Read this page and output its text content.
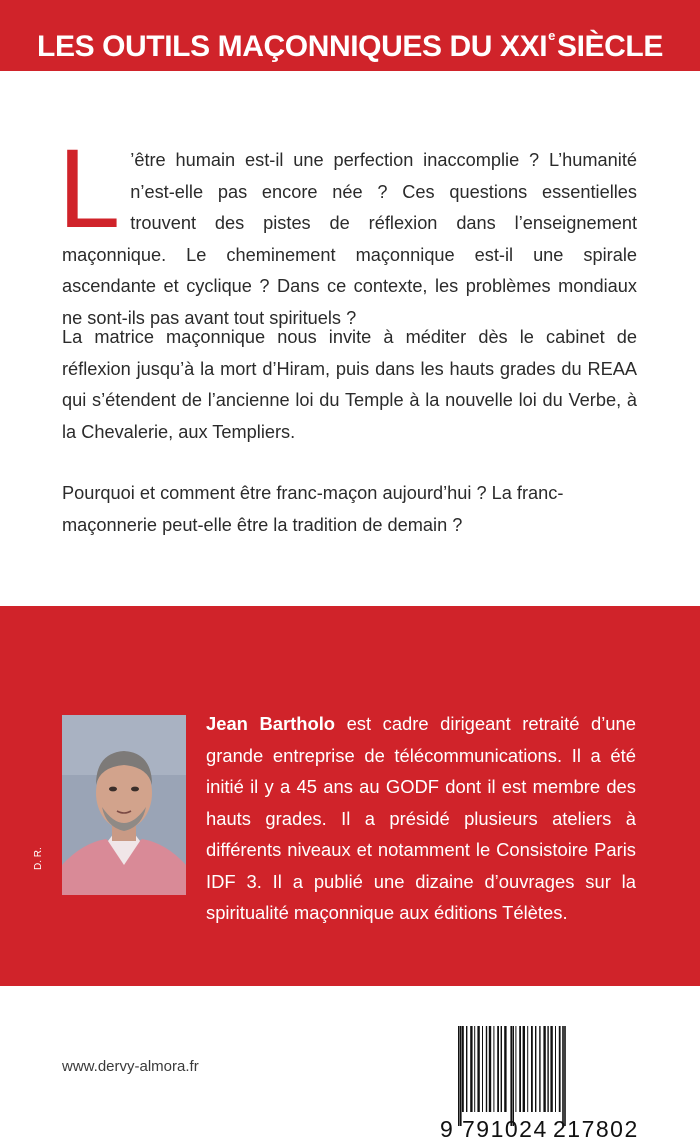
LES OUTILS MAÇONNIQUES DU XXIeSIÈCLE

L ’être humain est-il une perfection inaccomplie ? L’humanité n’est-elle pas encore née ? Ces questions essentielles trouvent des pistes de réflexion dans l’enseignement maçonnique. Le cheminement maçonnique est-il une spirale ascendante et cyclique ? Dans ce contexte, les problèmes mondiaux ne sont-ils pas avant tout spirituels ?

La matrice maçonnique nous invite à méditer dès le cabinet de réflexion jusqu’à la mort d’Hiram, puis dans les hauts grades du REAA qui s’étendent de l’ancienne loi du Temple à la nouvelle loi du Verbe, à la Chevalerie, aux Templiers.

Pourquoi et comment être franc-maçon aujourd’hui ? La franc-maçonnerie peut-elle être la tradition de demain ?

D. R.

Jean Bartholo est cadre dirigeant retraité d’une grande entreprise de télécommunications. Il a été initié il y a 45 ans au GODF dont il est membre des hauts grades. Il a présidé plusieurs ateliers à différents niveaux et notamment le Consistoire Paris IDF 3. Il a publié une dizaine d’ouvrages sur la spiritualité maçonnique aux éditions Télètes.

www.dervy-almora.fr
9 791024 217802
